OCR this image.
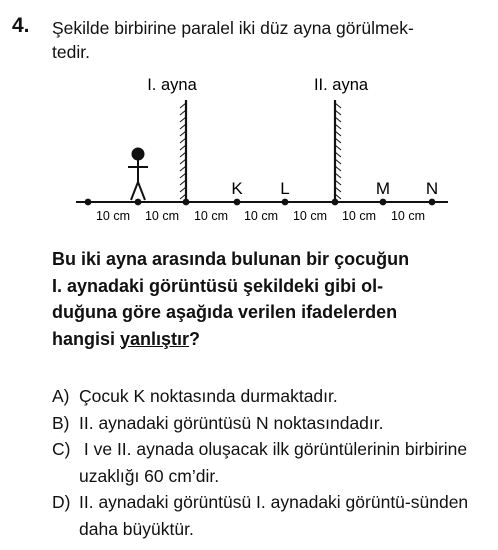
4. Şekilde birbirine paralel iki düz ayna görülmek-
tedir.
I. ayna	II. ayna
K L	M N
10 cm 10 cm 10 cm 10 cm 10 cm 10 cm 10 cm
Bu iki ayna arasında bulunan bir çocuğun
I. aynadaki görüntüsü şekildeki gibi ol-
duğuna göre aşağıda verilen ifadelerden
hangisi yanlıştır?
A) Çocuk K noktasında durmaktadır.
B) II. aynadaki görüntüsü N noktasındadır.
C) I ve II. aynada oluşacak ilk görüntülerinin birbirine uzaklığı 60 cm’dir.
D) II. aynadaki görüntüsü I. aynadaki görüntü-sünden daha büyüktür.
